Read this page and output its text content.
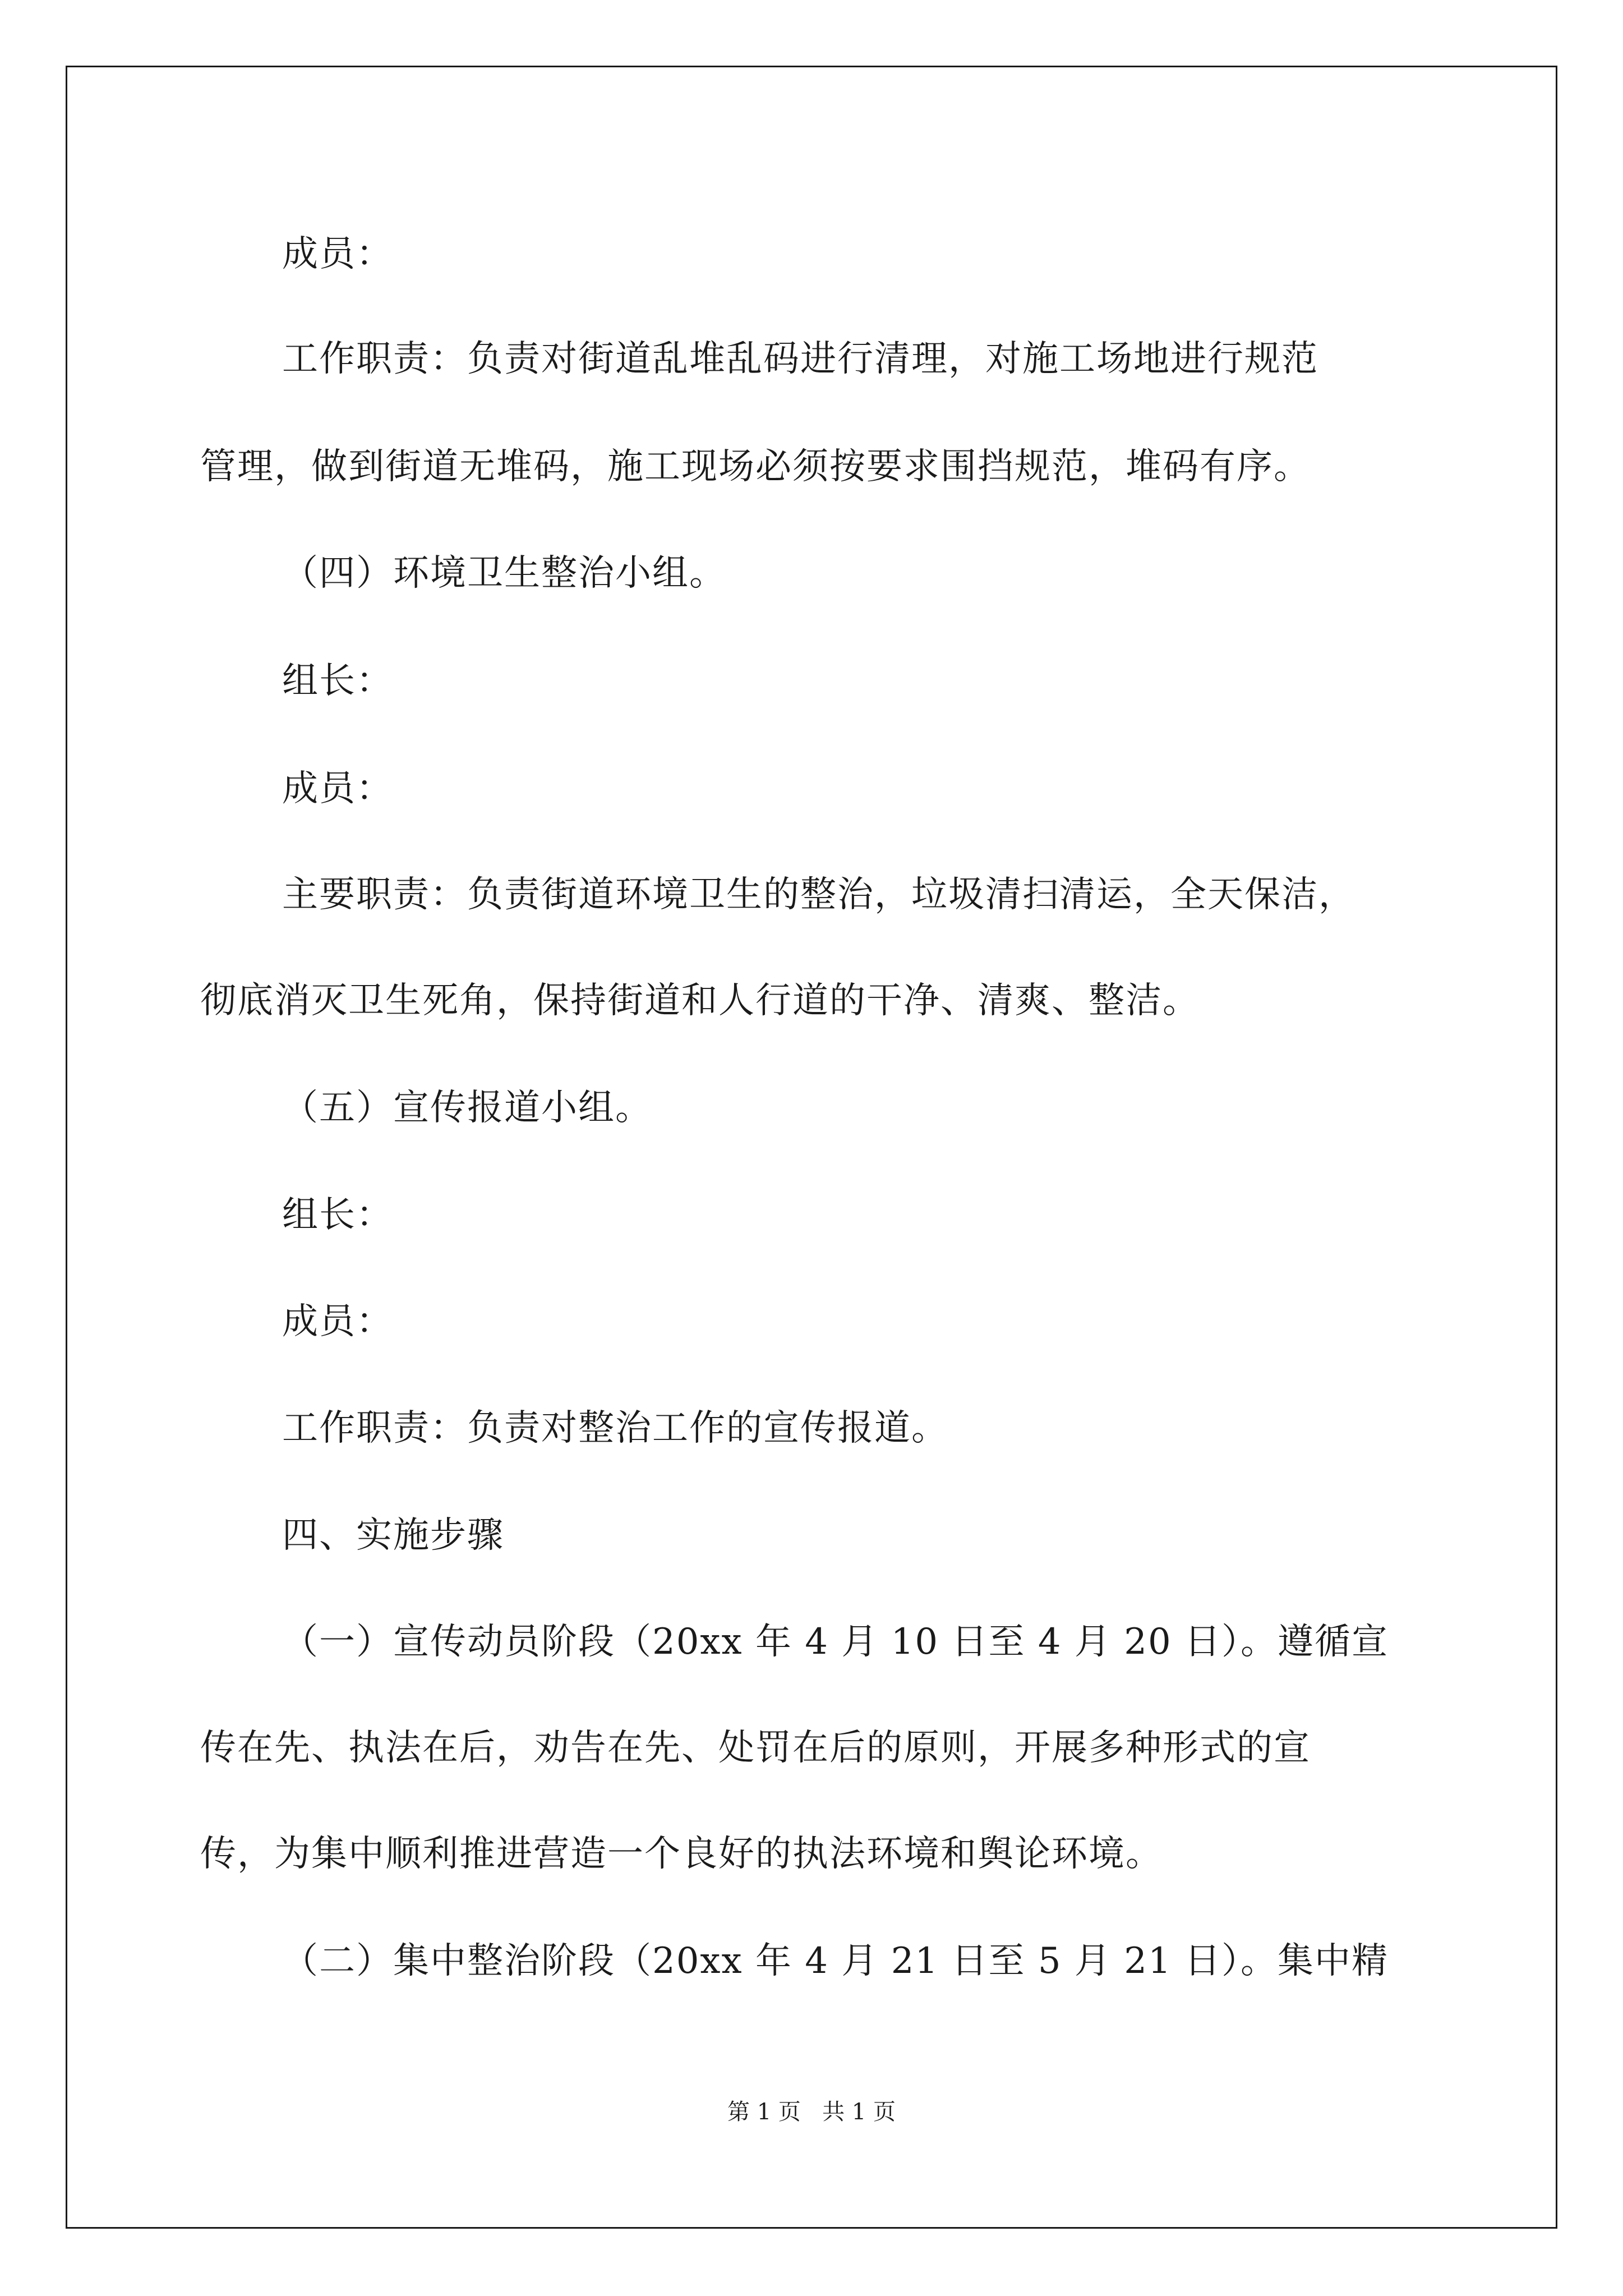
成员：
工作职责：负责对街道乱堆乱码进行清理，对施工场地进行规范
管理，做到街道无堆码，施工现场必须按要求围挡规范，堆码有序。
（四）环境卫生整治小组。
组长：
成员：
主要职责：负责街道环境卫生的整治，垃圾清扫清运，全天保洁，
彻底消灭卫生死角，保持街道和人行道的干净、清爽、整洁。
（五）宣传报道小组。
组长：
成员：
工作职责：负责对整治工作的宣传报道。
四、实施步骤
（一）宣传动员阶段（20xx 年 4 月 10 日至 4 月 20 日）。遵循宣
传在先、执法在后，劝告在先、处罚在后的原则，开展多种形式的宣
传，为集中顺利推进营造一个良好的执法环境和舆论环境。
（二）集中整治阶段（20xx 年 4 月 21 日至 5 月 21 日）。集中精
第 1 页   共 1 页
